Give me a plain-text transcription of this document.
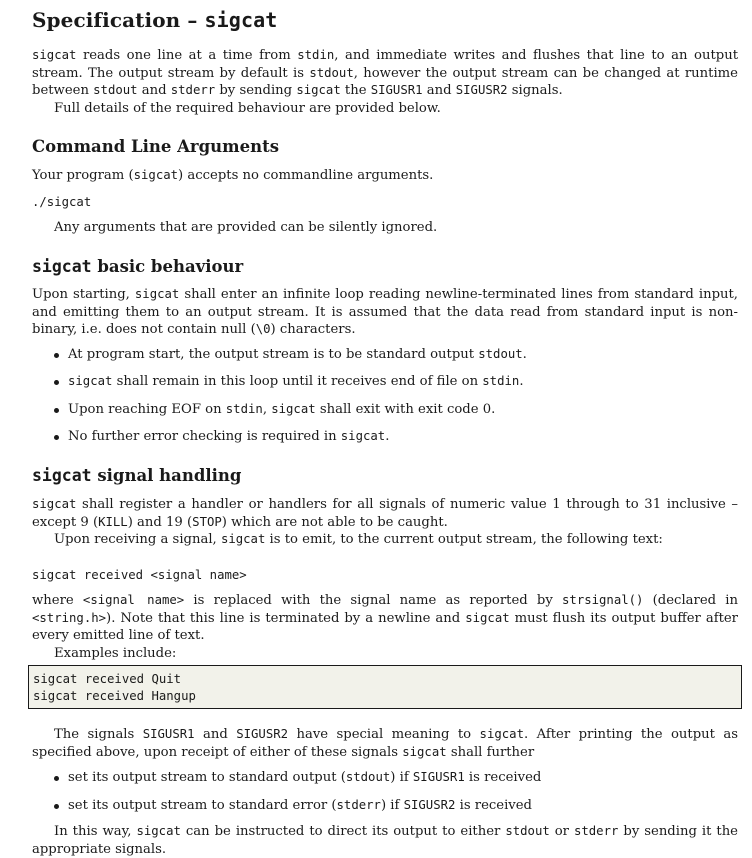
Specification – sigcat
sigcat reads one line at a time from stdin, and immediate writes and flushes that line to an output stream. The output stream by default is stdout, however the output stream can be changed at runtime between stdout and stderr by sending sigcat the SIGUSR1 and SIGUSR2 signals.
Full details of the required behaviour are provided below.
Command Line Arguments
Your program (sigcat) accepts no commandline arguments.
./sigcat
Any arguments that are provided can be silently ignored.
sigcat basic behaviour
Upon starting, sigcat shall enter an infinite loop reading newline-terminated lines from standard input, and emitting them to an output stream. It is assumed that the data read from standard input is non-binary, i.e. does not contain null (\0) characters.
At program start, the output stream is to be standard output stdout.
sigcat shall remain in this loop until it receives end of file on stdin.
Upon reaching EOF on stdin, sigcat shall exit with exit code 0.
No further error checking is required in sigcat.
sigcat signal handling
sigcat shall register a handler or handlers for all signals of numeric value 1 through to 31 inclusive – except 9 (KILL) and 19 (STOP) which are not able to be caught.
Upon receiving a signal, sigcat is to emit, to the current output stream, the following text:
sigcat received <signal name>
where <signal name> is replaced with the signal name as reported by strsignal() (declared in <string.h>). Note that this line is terminated by a newline and sigcat must flush its output buffer after every emitted line of text.
Examples include:
sigcat received Quit
sigcat received Hangup
The signals SIGUSR1 and SIGUSR2 have special meaning to sigcat. After printing the output as specified above, upon receipt of either of these signals sigcat shall further
set its output stream to standard output (stdout) if SIGUSR1 is received
set its output stream to standard error (stderr) if SIGUSR2 is received
In this way, sigcat can be instructed to direct its output to either stdout or stderr by sending it the appropriate signals.
